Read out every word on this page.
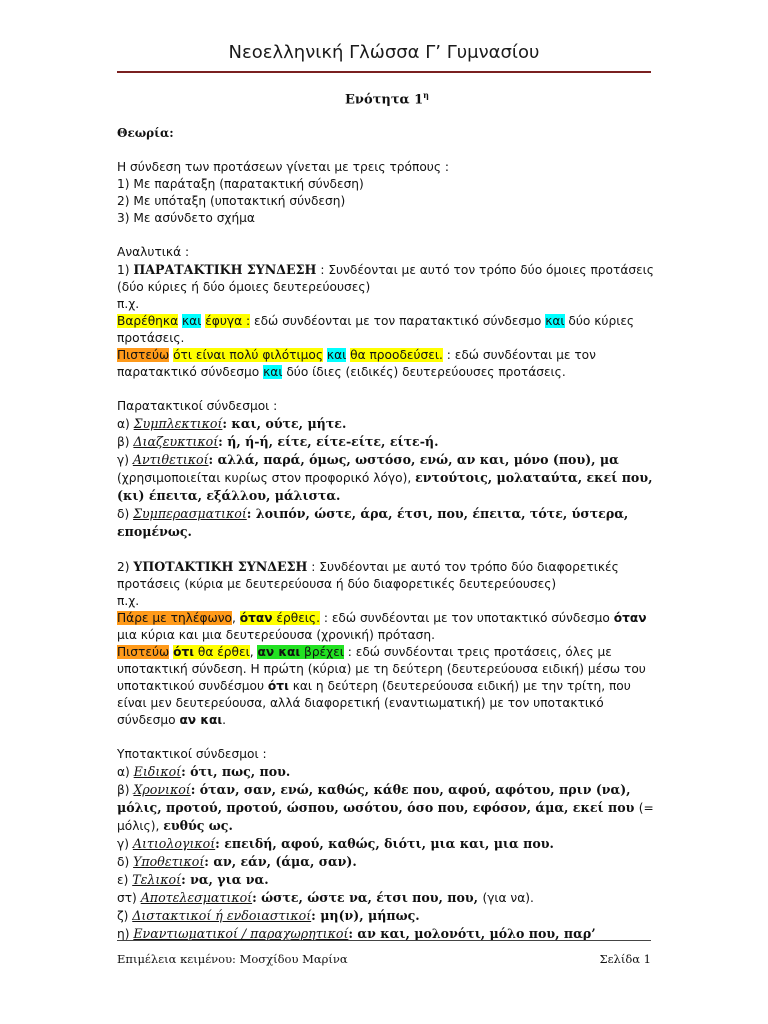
Νεοελληνική Γλώσσα Γ’ Γυμνασίου

Ενότητα $1^\eta$

Θεωρία:

Η σύνδεση των προτάσεων γίνεται με τρεις τρόπους :

1) Με παράταξη (παρατακτική σύνδεση)

2) Με υπόταξη (υποτακτική σύνδεση)

3) Με ασύνδετο σχήμα

Αναλυτικά :

1) ΠΑΡΑΤΑΚΤΙΚΗ ΣΥΝΔΕΣΗ : Συνδέονται με αυτό τον τρόπο δύο όμοιες προτάσεις (δύο κύριες ή δύο όμοιες δευτερεύουσες)

π.χ.

Βαρέθηκα και έφυγα : εδώ συνδέονται με τον παρατακτικό σύνδεσμο και δύο κύριες προτάσεις.

Πιστεύω ότι είναι πολύ φιλότιμος και θα προοδεύσει. : εδώ συνδέονται με τον παρατακτικό σύνδεσμο και δύο ίδιες (ειδικές) δευτερεύουσες προτάσεις.

Παρατακτικοί σύνδεσμοι :

α) Συμπλεκτικοί: και, ούτε, μήτε.

β) Διαζευκτικοί: ή, ή-ή, είτε, είτε-είτε, είτε-ή.

γ) Αντιθετικοί: αλλά, παρά, όμως, ωστόσο, ενώ, αν και, μόνο (που), μα (χρησιμοποιείται κυρίως στον προφορικό λόγο), εντούτοις, μολαταύτα, εκεί που, (κι) έπειτα, εξάλλου, μάλιστα.

δ) Συμπερασματικοί: λοιπόν, ώστε, άρα, έτσι, που, έπειτα, τότε, ύστερα, επομένως.

2) ΥΠΟΤΑΚΤΙΚΗ ΣΥΝΔΕΣΗ : Συνδέονται με αυτό τον τρόπο δύο διαφορετικές προτάσεις (κύρια με δευτερεύουσα ή δύο διαφορετικές δευτερεύουσες)

π.χ.

Πάρε με τηλέφωνο, όταν έρθεις. : εδώ συνδέονται με τον υποτακτικό σύνδεσμο όταν μια κύρια και μια δευτερεύουσα (χρονική) πρόταση.

Πιστεύω ότι θα έρθει, αν και βρέχει : εδώ συνδέονται τρεις προτάσεις, όλες με υποτακτική σύνδεση. Η πρώτη (κύρια) με τη δεύτερη (δευτερεύουσα ειδική) μέσω του υποτακτικού συνδέσμου ότι και η δεύτερη (δευτερεύουσα ειδική) με την τρίτη, που είναι μεν δευτερεύουσα, αλλά διαφορετική (εναντιωματική) με τον υποτακτικό σύνδεσμο αν και.

Υποτακτικοί σύνδεσμοι :

α) Ειδικοί: ότι, πως, που.

β) Χρονικοί: όταν, σαν, ενώ, καθώς, κάθε που, αφού, αφότου, πριν (να), μόλις, προτού, προτού, ώσπου, ωσότου, όσο που, εφόσον, άμα, εκεί που (= μόλις), ευθύς ως.

γ) Αιτιολογικοί: επειδή, αφού, καθώς, διότι, μια και, μια που.

δ) Υποθετικοί: αν, εάν, (άμα, σαν).

ε) Τελικοί: να, για να.

στ) Αποτελεσματικοί: ώστε, ώστε να, έτσι που, που, (για να).

ζ) Διστακτικοί ή ενδοιαστικοί: μη(ν), μήπως.

η) Εναντιωματικοί / παραχωρητικοί: αν και, μολονότι, μόλο που, παρ’

Επιμέλεια κειμένου: Μοσχίδου Μαρίνα	Σελίδα 1
